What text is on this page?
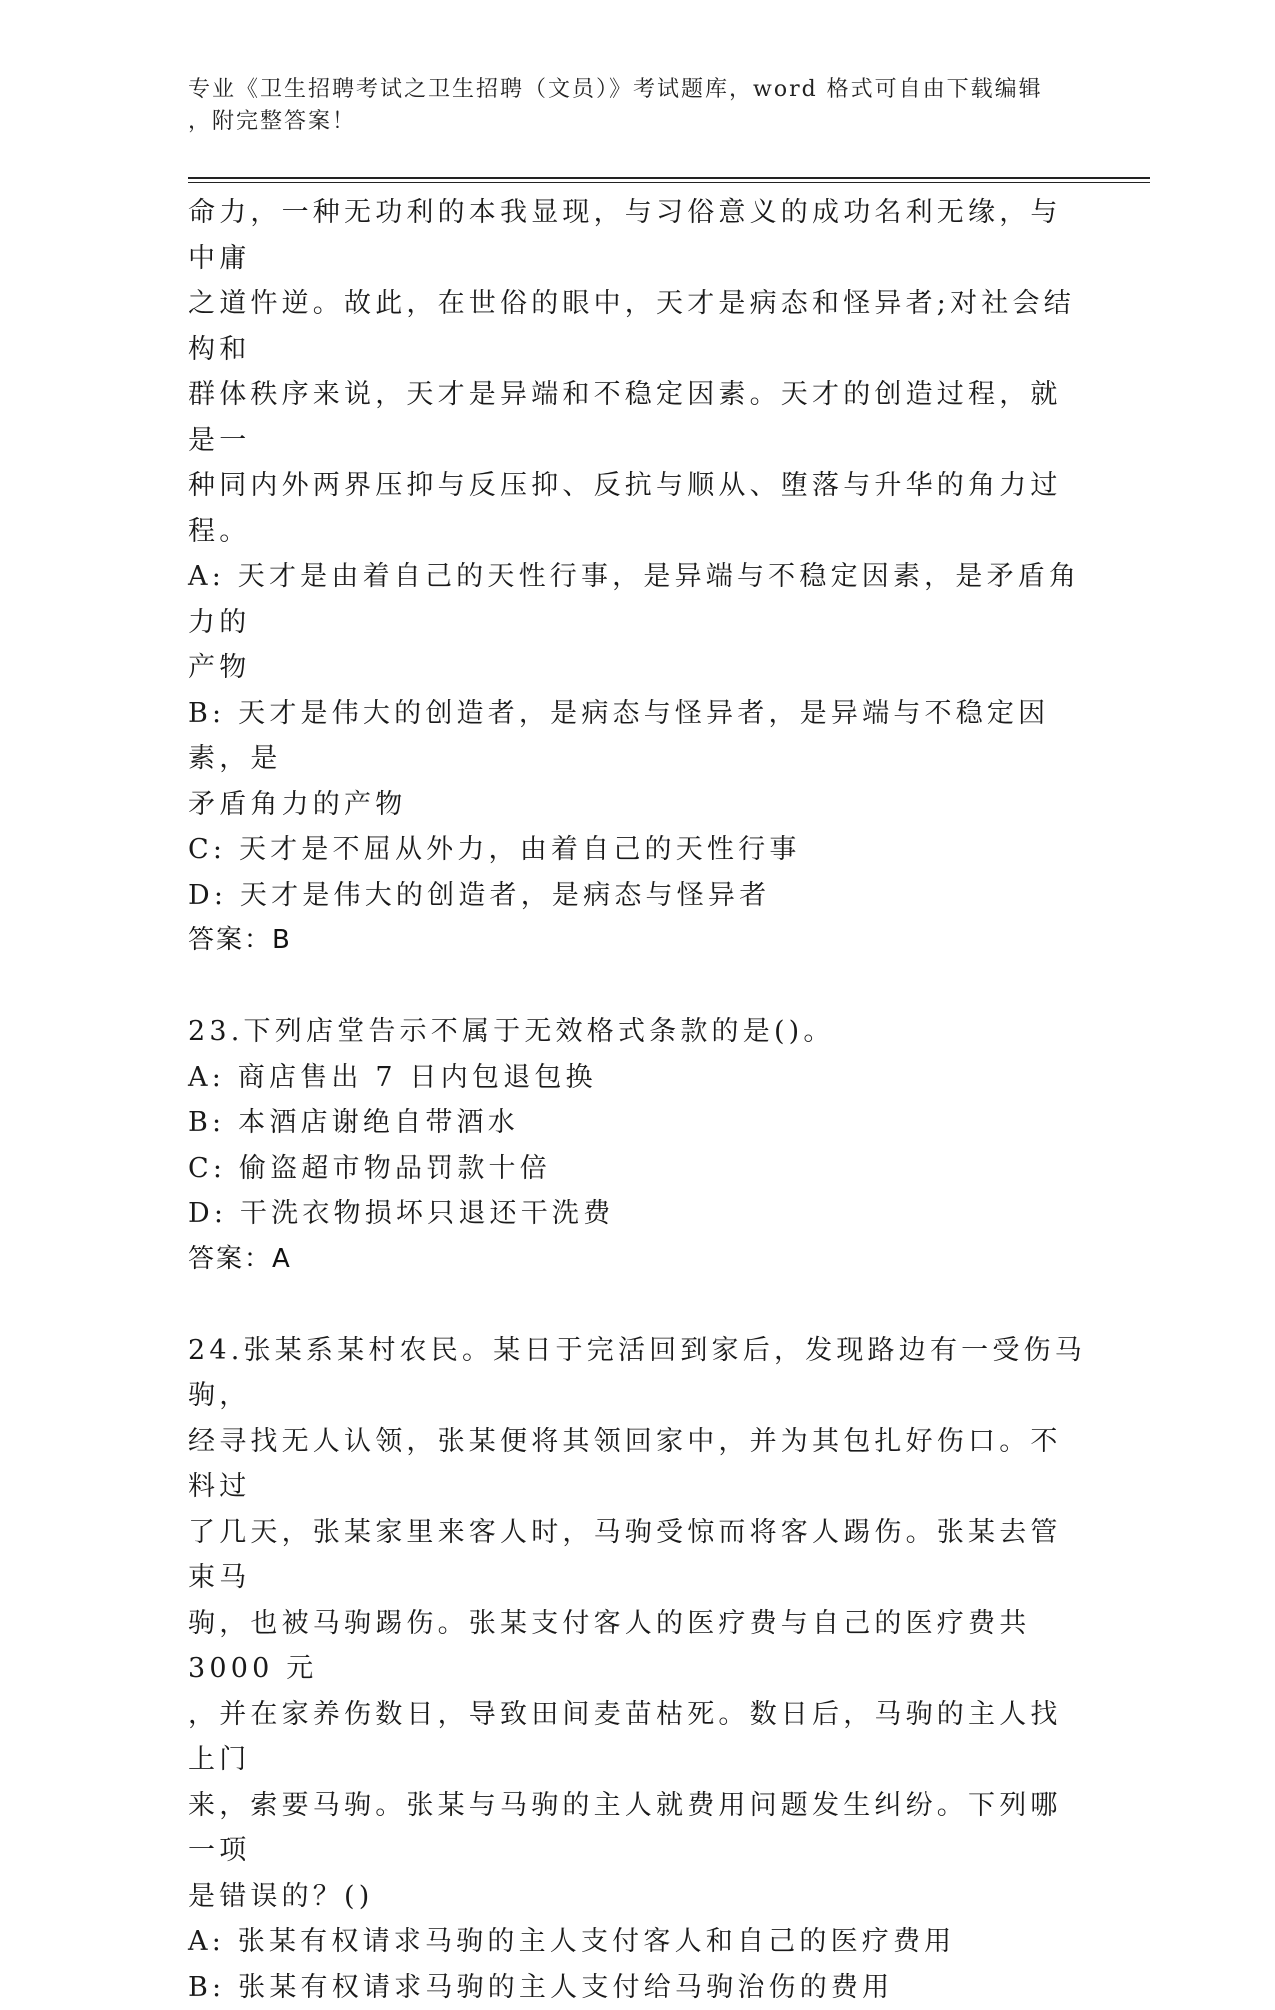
专业《卫生招聘考试之卫生招聘（文员）》考试题库，word 格式可自由下载编辑
，附完整答案！

命力，一种无功利的本我显现，与习俗意义的成功名利无缘，与中庸

之道忤逆。故此，在世俗的眼中，天才是病态和怪异者;对社会结构和

群体秩序来说，天才是异端和不稳定因素。天才的创造过程，就是一

种同内外两界压抑与反压抑、反抗与顺从、堕落与升华的角力过程。

A: 天才是由着自己的天性行事，是异端与不稳定因素，是矛盾角力的

产物

B: 天才是伟大的创造者，是病态与怪异者，是异端与不稳定因素，是

矛盾角力的产物

C: 天才是不屈从外力，由着自己的天性行事

D: 天才是伟大的创造者，是病态与怪异者

答案：B

23.下列店堂告示不属于无效格式条款的是()。

A: 商店售出 7 日内包退包换

B: 本酒店谢绝自带酒水

C: 偷盗超市物品罚款十倍

D: 干洗衣物损坏只退还干洗费

答案：A

24.张某系某村农民。某日于完活回到家后，发现路边有一受伤马驹，

经寻找无人认领，张某便将其领回家中，并为其包扎好伤口。不料过

了几天，张某家里来客人时，马驹受惊而将客人踢伤。张某去管束马

驹，也被马驹踢伤。张某支付客人的医疗费与自己的医疗费共 3000 元

，并在家养伤数日，导致田间麦苗枯死。数日后，马驹的主人找上门

来，索要马驹。张某与马驹的主人就费用问题发生纠纷。下列哪一项

是错误的？()

A: 张某有权请求马驹的主人支付客人和自己的医疗费用

B: 张某有权请求马驹的主人支付给马驹治伤的费用
